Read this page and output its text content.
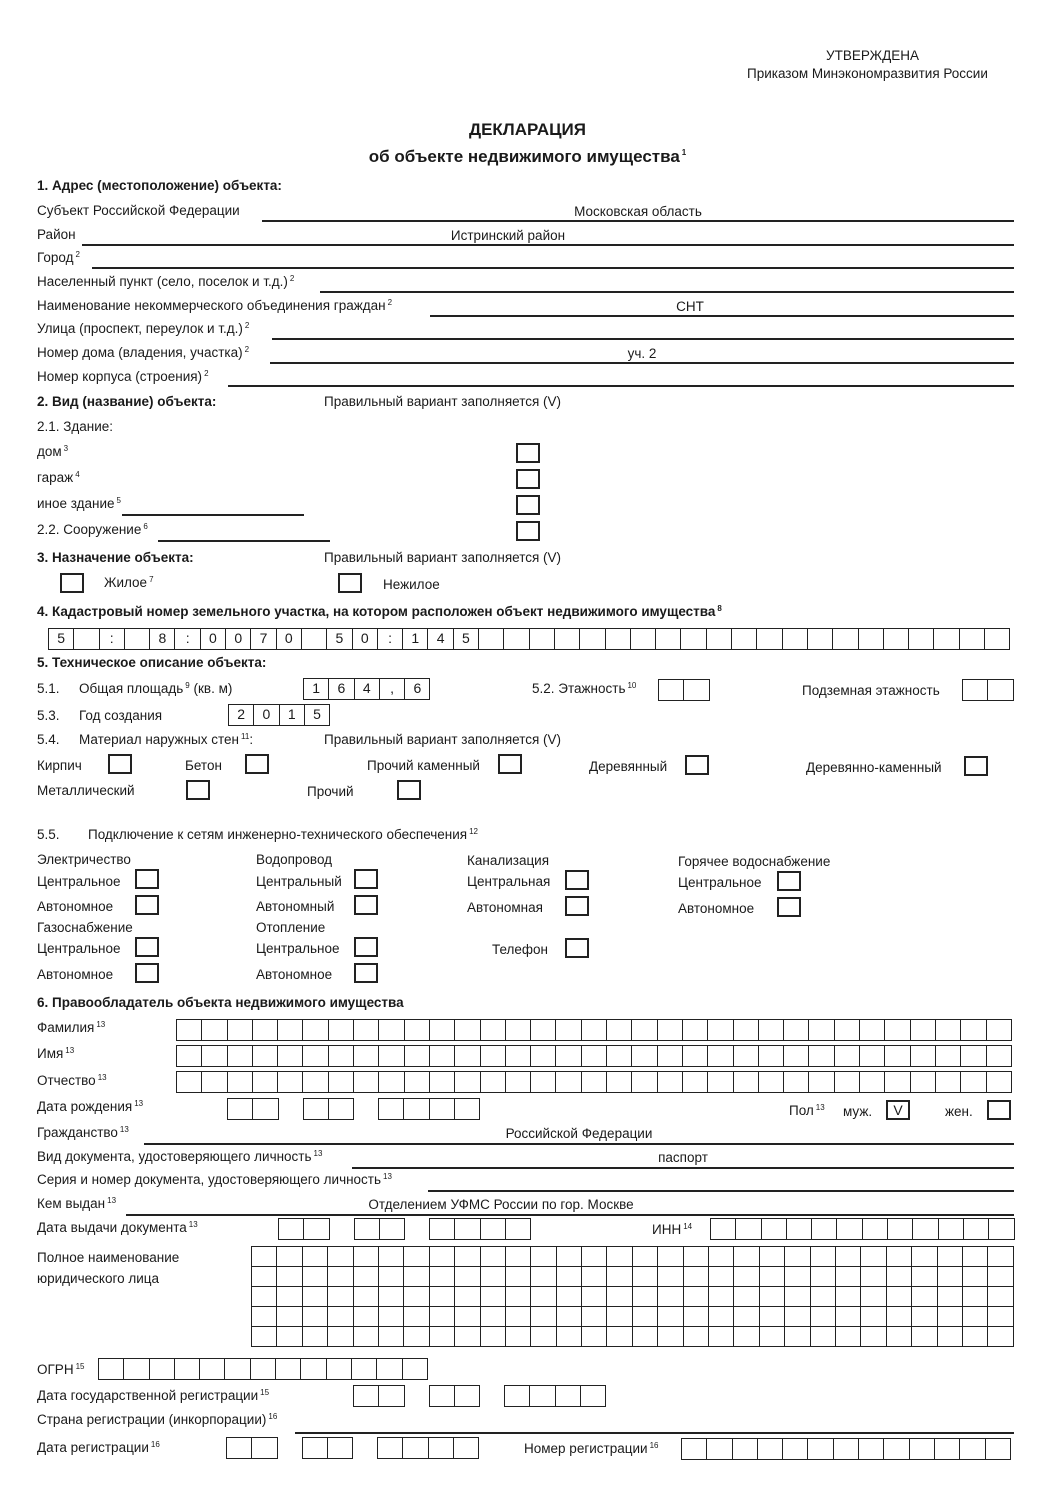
УТВЕРЖДЕНА
Приказом Минэкономразвития России
ДЕКЛАРАЦИЯ
об объекте недвижимого имущества $^1$
1. Адрес (местоположение) объекта:
Субъект Российской Федерации	Московская область
Район	Истринский район
Город $^2$
Населенный пункт (село, поселок и т.д.) $^2$
Наименование некоммерческого объединения граждан $^2$	СНТ
Улица (проспект, переулок и т.д.) $^2$
Номер дома (владения, участка) $^2$	уч. 2
Номер корпуса (строения) $^2$
2. Вид (название) объекта:	Правильный вариант заполняется (V)
2.1. Здание:
дом $^3$
гараж $^4$
иное здание $^5$
2.2. Сооружение $^6$
3. Назначение объекта:	Правильный вариант заполняется (V)
Жилое $^7$	Нежилое
4. Кадастровый номер земельного участка, на котором расположен объект недвижимого имущества $^8$
5	:	8	:	0	0	7	0	5	0	:	1	4	5
5. Техническое описание объекта:
5.1. Общая площадь $^9$ (кв. м)	1	6	4	,	6	5.2. Этажность $^{10}$	Подземная этажность
5.3. Год создания	2	0	1	5
5.4. Материал наружных стен $^{11}$:	Правильный вариант заполняется (V)
Кирпич	Бетон	Прочий каменный	Деревянный	Деревянно-каменный
Металлический	Прочий
5.5. Подключение к сетям инженерно-технического обеспечения $^{12}$
Электричество
Центральное
Автономное
Газоснабжение
Центральное
Автономное
Водопровод
Центральный
Автономный
Отопление
Центральное
Автономное
Канализация
Центральная
Автономная
Телефон
Горячее водоснабжение
Центральное
Автономное
6. Правообладатель объекта недвижимого имущества
Фамилия $^{13}$
Имя $^{13}$
Отчество $^{13}$
Дата рождения $^{13}$	Пол $^{13}$ муж.	V	жен.
Гражданство $^{13}$	Российской Федерации
Вид документа, удостоверяющего личность $^{13}$	паспорт
Серия и номер документа, удостоверяющего личность $^{13}$
Кем выдан $^{13}$	Отделением УФМС России по гор. Москве
Дата выдачи документа $^{13}$	ИНН $^{14}$
Полное наименование
юридического лица
ОГРН $^{15}$
Дата государственной регистрации $^{15}$
Страна регистрации (инкорпорации) $^{16}$
Дата регистрации $^{16}$	Номер регистрации $^{16}$
